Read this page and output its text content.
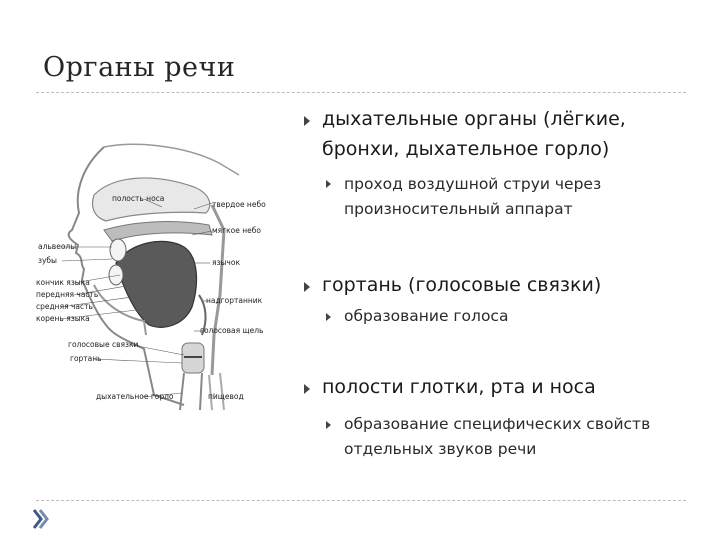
Органы речи
полость носа
твердое небо
мягкое небо
альвеолы
зубы	язычок
кончик языка
передняя часть
средняя часть
корень языка
надгортанник
голосовая щель
голосовые связки
гортань
дыхательное горло	пищевод

дыхательные органы (лёгкие, бронхи, дыхательное горло)

проход воздушной струи через произносительный аппарат

гортань (голосовые связки)

образование голоса

полости глотки, рта и носа

образование специфических свойств отдельных звуков речи
